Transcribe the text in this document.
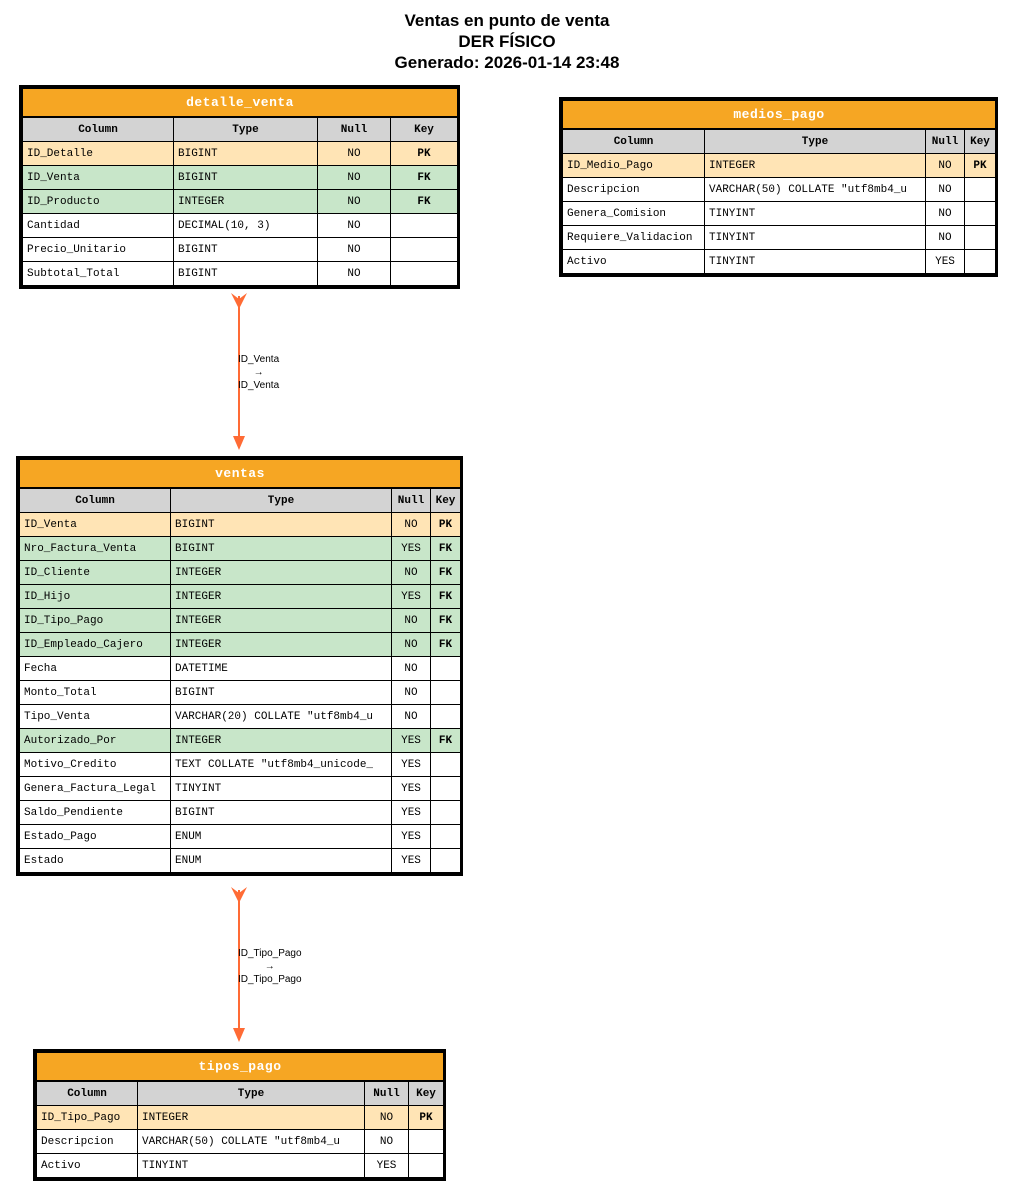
Ventas en punto de venta
DER FÍSICO
Generado: 2026-01-14 23:48
ID_Venta
→
ID_Venta
ID_Tipo_Pago
→
ID_Tipo_Pago
detalle_venta			
Column	Type	Null	Key
ID_Detalle	BIGINT	NO	PK
ID_Venta	BIGINT	NO	FK
ID_Producto	INTEGER	NO	FK
Cantidad	DECIMAL(10, 3)	NO	
Precio_Unitario	BIGINT	NO	
Subtotal_Total	BIGINT	NO	
medios_pago			
Column	Type	Null	Key
ID_Medio_Pago	INTEGER	NO	PK
Descripcion	VARCHAR(50) COLLATE "utf8mb4_u	NO	
Genera_Comision	TINYINT	NO	
Requiere_Validacion	TINYINT	NO	
Activo	TINYINT	YES	
ventas			
Column	Type	Null	Key
ID_Venta	BIGINT	NO	PK
Nro_Factura_Venta	BIGINT	YES	FK
ID_Cliente	INTEGER	NO	FK
ID_Hijo	INTEGER	YES	FK
ID_Tipo_Pago	INTEGER	NO	FK
ID_Empleado_Cajero	INTEGER	NO	FK
Fecha	DATETIME	NO	
Monto_Total	BIGINT	NO	
Tipo_Venta	VARCHAR(20) COLLATE "utf8mb4_u	NO	
Autorizado_Por	INTEGER	YES	FK
Motivo_Credito	TEXT COLLATE "utf8mb4_unicode_	YES	
Genera_Factura_Legal	TINYINT	YES	
Saldo_Pendiente	BIGINT	YES	
Estado_Pago	ENUM	YES	
Estado	ENUM	YES	
tipos_pago			
Column	Type	Null	Key
ID_Tipo_Pago	INTEGER	NO	PK
Descripcion	VARCHAR(50) COLLATE "utf8mb4_u	NO	
Activo	TINYINT	YES	
